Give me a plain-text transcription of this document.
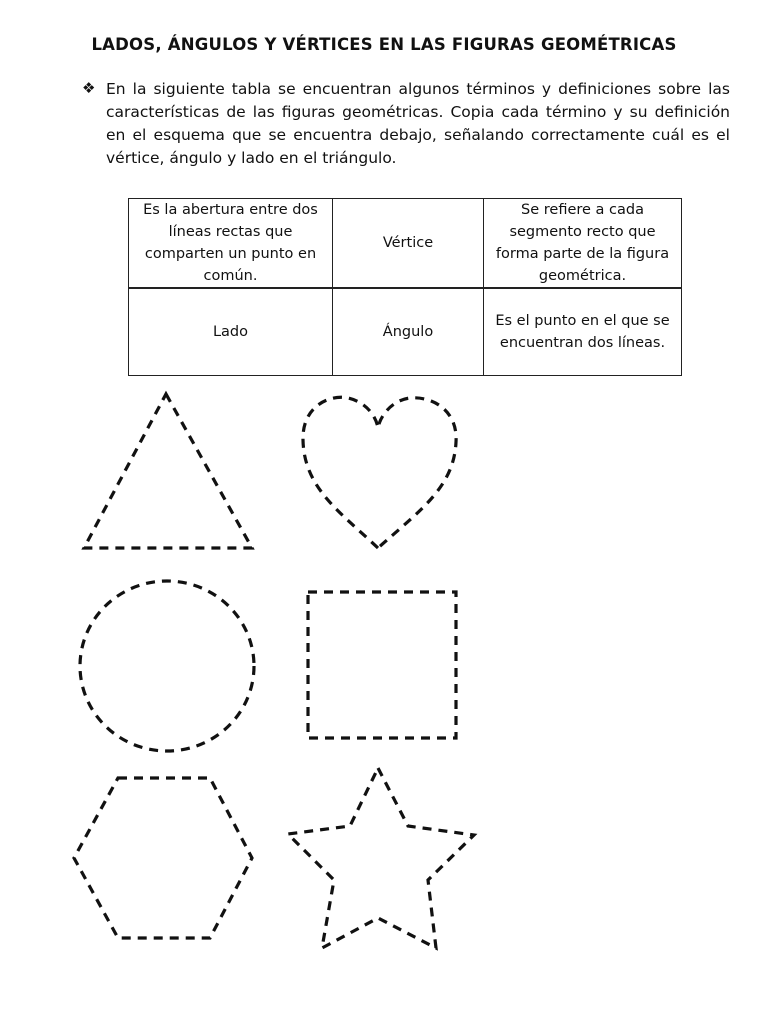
LADOS, ÁNGULOS Y VÉRTICES EN LAS FIGURAS GEOMÉTRICAS
❖ En la siguiente tabla se encuentran algunos términos y definiciones sobre las características de las figuras geométricas. Copia cada término y su definición en el esquema que se encuentra debajo, señalando correctamente cuál es el vértice, ángulo y lado en el triángulo.

Es la abertura entre dos líneas rectas que comparten un punto en común.	Vértice	Se refiere a cada segmento recto que forma parte de la figura geométrica.
Lado	Ángulo	Es el punto en el que se encuentran dos líneas.
